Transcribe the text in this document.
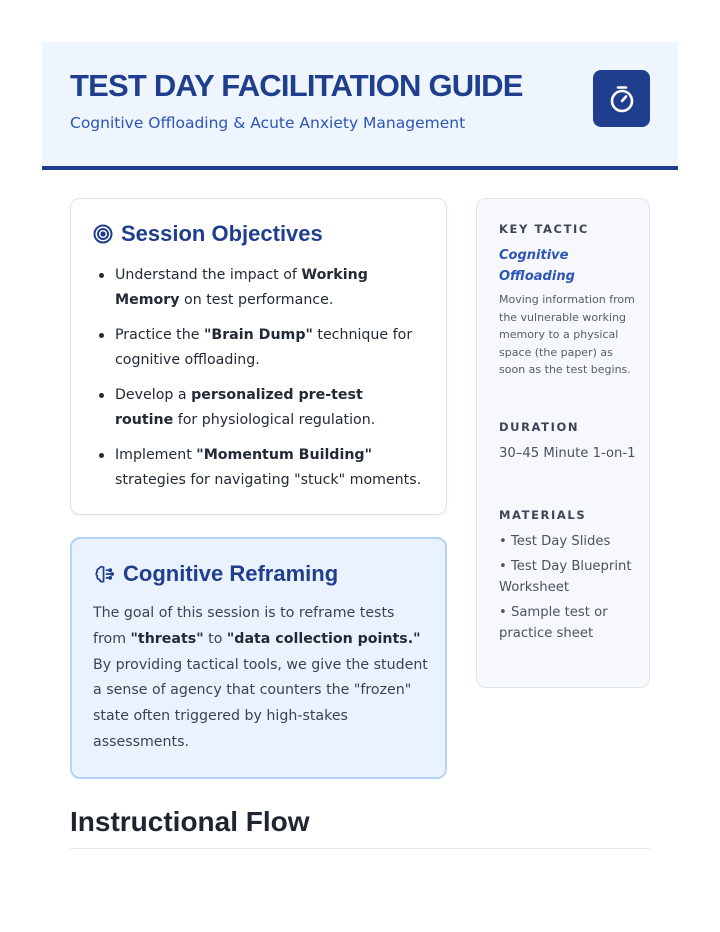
TEST DAY FACILITATION GUIDE
Cognitive Offloading & Acute Anxiety Management
Session Objectives
Understand the impact of Working Memory on test performance.
Practice the "Brain Dump" technique for cognitive offloading.
Develop a personalized pre-test routine for physiological regulation.
Implement "Momentum Building" strategies for navigating "stuck" moments.
Cognitive Reframing

The goal of this session is to reframe tests from "threats" to "data collection points." By providing tactical tools, we give the student a sense of agency that counters the "frozen" state often triggered by high-stakes assessments.

KEY TACTIC
Cognitive Offloading
Moving information from the vulnerable working memory to a physical space (the paper) as soon as the test begins.
DURATION
30–45 Minute 1-on-1
MATERIALS
• Test Day Slides
• Test Day Blueprint Worksheet
• Sample test or practice sheet
Instructional Flow
